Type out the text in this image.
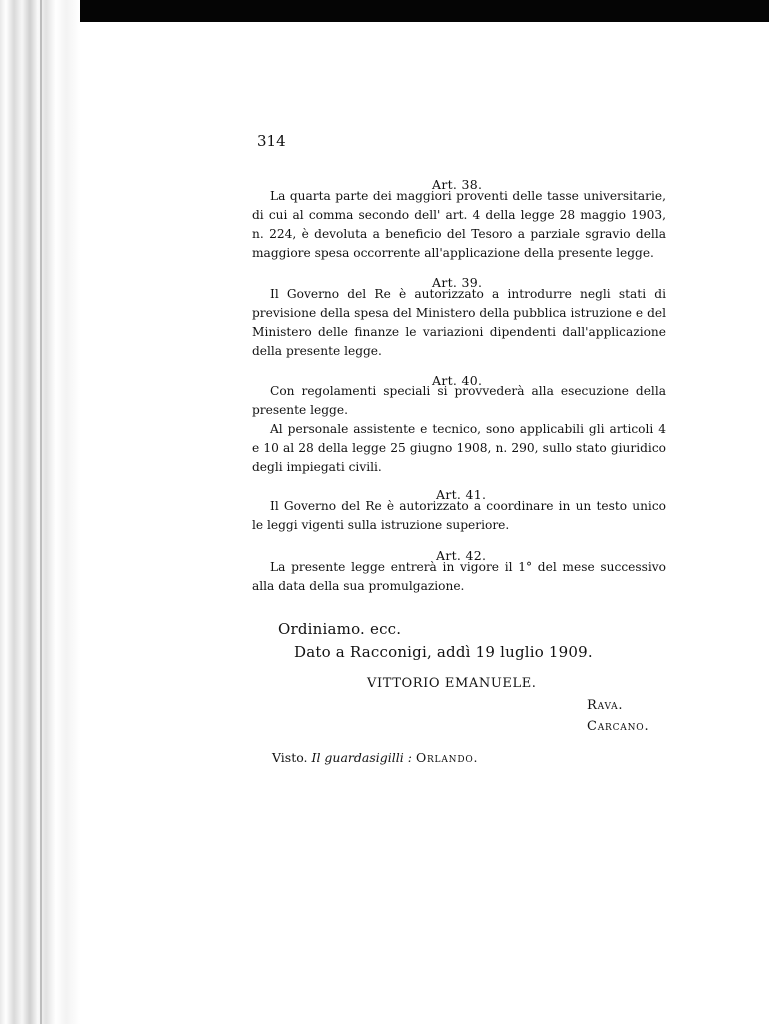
314
Art. 38.

La quarta parte dei maggiori proventi delle tasse universitarie, di cui al comma secondo dell' art. 4 della legge 28 maggio 1903, n. 224, è devoluta a beneficio del Tesoro a parziale sgravio della maggiore spesa occorrente all'applicazione della presente legge.

Art. 39.

Il Governo del Re è autorizzato a introdurre negli stati di previsione della spesa del Ministero della pubblica istruzione e del Ministero delle finanze le variazioni dipendenti dall'applicazione della presente legge.

Art. 40.

Con regolamenti speciali si provvederà alla esecuzione della presente legge.

Al personale assistente e tecnico, sono applicabili gli articoli 4 e 10 al 28 della legge 25 giugno 1908, n. 290, sullo stato giuridico degli impiegati civili.

Art. 41.

Il Governo del Re è autorizzato a coordinare in un testo unico le leggi vigenti sulla istruzione superiore.

Art. 42.

La presente legge entrerà in vigore il 1° del mese successivo alla data della sua promulgazione.

Ordiniamo. ecc.
Dato a Racconigi, addì 19 luglio 1909.
VITTORIO EMANUELE.
Rava.
Carcano.
Visto. Il guardasigilli : Orlando.
